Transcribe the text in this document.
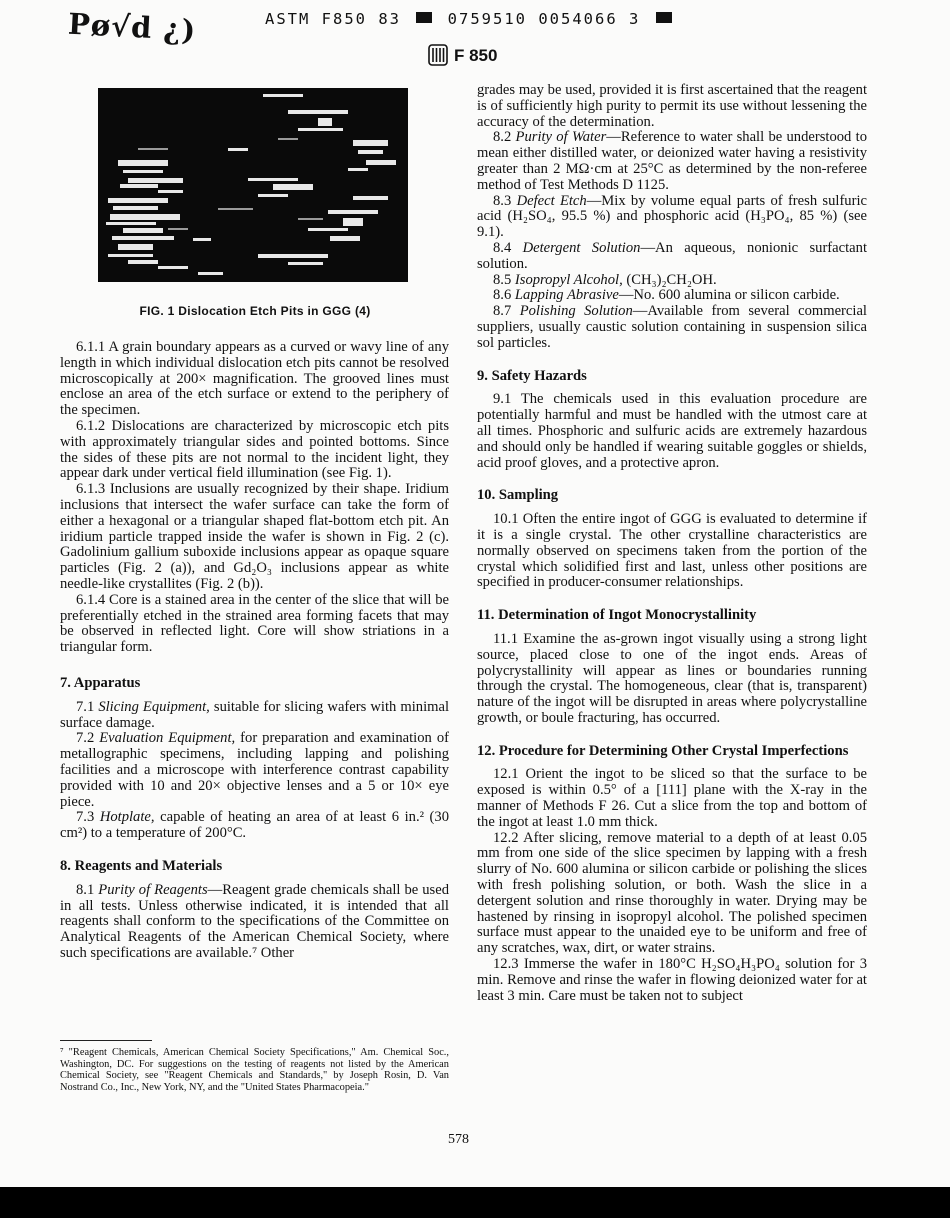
Ρø√d ¿)	ASTM F850 83	0759510 0054066 3
F 850
FIG. 1 Dislocation Etch Pits in GGG (4)

6.1.1 A grain boundary appears as a curved or wavy line of any length in which individual dislocation etch pits cannot be resolved microscopically at 200× magnification. The grooved lines must enclose an area of the etch surface or extend to the periphery of the specimen.

6.1.2 Dislocations are characterized by microscopic etch pits with approximately triangular sides and pointed bottoms. Since the sides of these pits are not normal to the incident light, they appear dark under vertical field illumination (see Fig. 1).

6.1.3 Inclusions are usually recognized by their shape. Iridium inclusions that intersect the wafer surface can take the form of either a hexagonal or a triangular shaped flat-bottom etch pit. An iridium particle trapped inside the wafer is shown in Fig. 2 (c). Gadolinium gallium suboxide inclusions appear as opaque square particles (Fig. 2 (a)), and Gd₂O₃ inclusions appear as white needle-like crystallites (Fig. 2 (b)).

6.1.4 Core is a stained area in the center of the slice that will be preferentially etched in the strained area forming facets that may be observed in reflected light. Core will show striations in a triangular form.

7. Apparatus

7.1 Slicing Equipment, suitable for slicing wafers with minimal surface damage.

7.2 Evaluation Equipment, for preparation and examination of metallographic specimens, including lapping and polishing facilities and a microscope with interference contrast capability provided with 10 and 20× objective lenses and a 5 or 10× eye piece.

7.3 Hotplate, capable of heating an area of at least 6 in.² (30 cm²) to a temperature of 200°C.

8. Reagents and Materials

8.1 Purity of Reagents—Reagent grade chemicals shall be used in all tests. Unless otherwise indicated, it is intended that all reagents shall conform to the specifications of the Committee on Analytical Reagents of the American Chemical Society, where such specifications are available.⁷ Other

grades may be used, provided it is first ascertained that the reagent is of sufficiently high purity to permit its use without lessening the accuracy of the determination.

8.2 Purity of Water—Reference to water shall be understood to mean either distilled water, or deionized water having a resistivity greater than 2 MΩ·cm at 25°C as determined by the non-referee method of Test Methods D 1125.

8.3 Defect Etch—Mix by volume equal parts of fresh sulfuric acid (H₂SO₄, 95.5 %) and phosphoric acid (H₃PO₄, 85 %) (see 9.1).

8.4 Detergent Solution—An aqueous, nonionic surfactant solution.

8.5 Isopropyl Alcohol, (CH₃)₂CH₂OH.

8.6 Lapping Abrasive—No. 600 alumina or silicon carbide.

8.7 Polishing Solution—Available from several commercial suppliers, usually caustic solution containing in suspension silica sol particles.

9. Safety Hazards

9.1 The chemicals used in this evaluation procedure are potentially harmful and must be handled with the utmost care at all times. Phosphoric and sulfuric acids are extremely hazardous and should only be handled if wearing suitable goggles or shields, acid proof gloves, and a protective apron.

10. Sampling

10.1 Often the entire ingot of GGG is evaluated to determine if it is a single crystal. The other crystalline characteristics are normally observed on specimens taken from the portion of the crystal which solidified first and last, unless other positions are specified in producer-consumer relationships.

11. Determination of Ingot Monocrystallinity

11.1 Examine the as-grown ingot visually using a strong light source, placed close to one of the ingot ends. Areas of polycrystallinity will appear as lines or boundaries running through the crystal. The homogeneous, clear (that is, transparent) nature of the ingot will be disrupted in areas where polycrystalline growth, or boule fracturing, has occurred.

12. Procedure for Determining Other Crystal Imperfections

12.1 Orient the ingot to be sliced so that the surface to be exposed is within 0.5° of a [111] plane with the X-ray in the manner of Methods F 26. Cut a slice from the top and bottom of the ingot at least 1.0 mm thick.

12.2 After slicing, remove material to a depth of at least 0.05 mm from one side of the slice specimen by lapping with a fresh slurry of No. 600 alumina or silicon carbide or polishing the slices with fresh polishing solution, or both. Wash the slice in a detergent solution and rinse thoroughly in water. Drying may be hastened by rinsing in isopropyl alcohol. The polished specimen surface must appear to the unaided eye to be uniform and free of any scratches, wax, dirt, or water strains.

12.3 Immerse the wafer in 180°C H₂SO₄H₃PO₄ solution for 3 min. Remove and rinse the wafer in flowing deionized water for at least 3 min. Care must be taken not to subject

⁷ "Reagent Chemicals, American Chemical Society Specifications," Am. Chemical Soc., Washington, DC. For suggestions on the testing of reagents not listed by the American Chemical Society, see "Reagent Chemicals and Standards," by Joseph Rosin, D. Van Nostrand Co., Inc., New York, NY, and the "United States Pharmacopeia."
578
